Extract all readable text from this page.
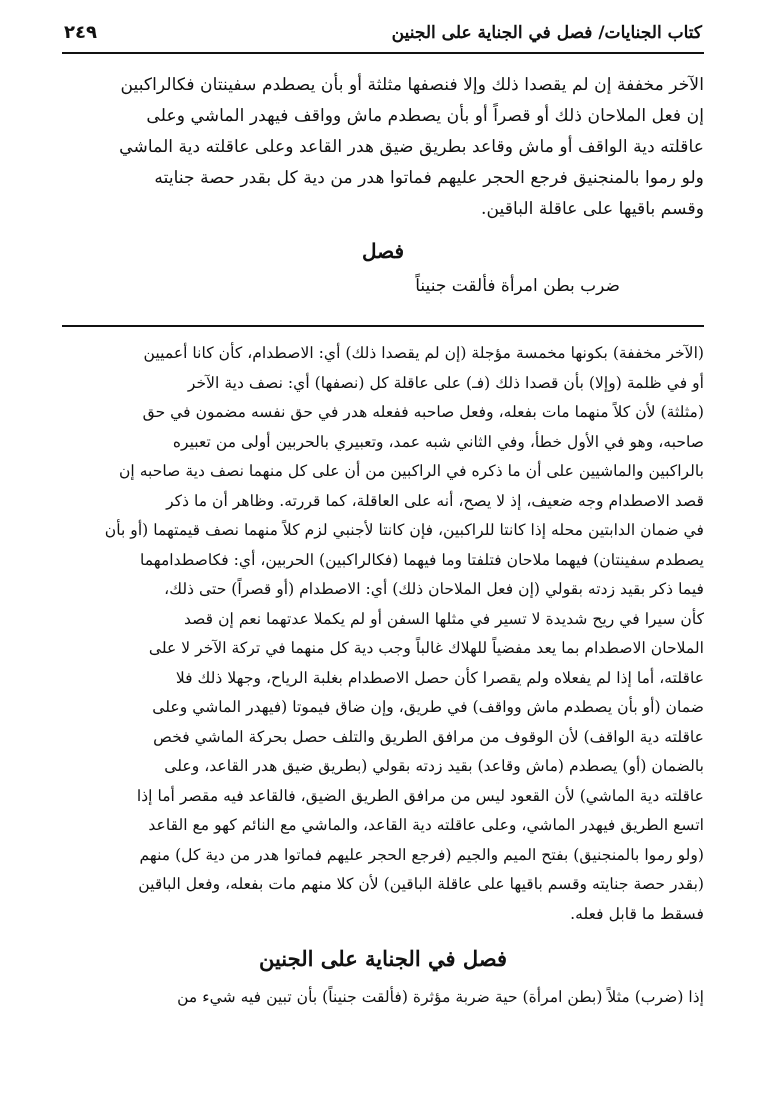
كتاب الجنايات/ فصل في الجناية على الجنين
٢٤٩
الآخر مخففة إن لم يقصدا ذلك وإلا فنصفها مثلثة أو بأن يصطدم سفينتان فكالراكبين
إن فعل الملاحان ذلك أو قصراً أو بأن يصطدم ماش وواقف فيهدر الماشي وعلى
عاقلته دية الواقف أو ماش وقاعد بطريق ضيق هدر القاعد وعلى عاقلته دية الماشي
ولو رموا بالمنجنيق فرجع الحجر عليهم فماتوا هدر من دية كل بقدر حصة جنايته
وقسم باقيها على عاقلة الباقين.
فصل
ضرب بطن امرأة فألقت جنيناً
(الآخر مخففة) بكونها مخمسة مؤجلة (إن لم يقصدا ذلك) أي: الاصطدام، كأن كانا أعميين
أو في ظلمة (وإلا) بأن قصدا ذلك (فـ) على عاقلة كل (نصفها) أي: نصف دية الآخر
(مثلثة) لأن كلاً منهما مات بفعله، وفعل صاحبه ففعله هدر في حق نفسه مضمون في حق
صاحبه، وهو في الأول خطأ، وفي الثاني شبه عمد، وتعبيري بالحربين أولى من تعبيره
بالراكبين والماشيين على أن ما ذكره في الراكبين من أن على كل منهما نصف دية صاحبه إن
قصد الاصطدام وجه ضعيف، إذ لا يصح، أنه على العاقلة، كما قررته. وظاهر أن ما ذكر
في ضمان الدابتين محله إذا كانتا للراكبين، فإن كانتا لأجنبي لزم كلاً منهما نصف قيمتهما (أو بأن
يصطدم سفينتان) فيهما ملاحان فتلفتا وما فيهما (فكالراكبين) الحربين، أي: فكاصطدامهما
فيما ذكر بقيد زدته بقولي (إن فعل الملاحان ذلك) أي: الاصطدام (أو قصراً) حتى ذلك،
كأن سيرا في ريح شديدة لا تسير في مثلها السفن أو لم يكملا عدتهما نعم إن قصد
الملاحان الاصطدام بما يعد مفضياً للهلاك غالباً وجب دية كل منهما في تركة الآخر لا على
عاقلته، أما إذا لم يفعلاه ولم يقصرا كأن حصل الاصطدام بغلبة الرياح، وجهلا ذلك فلا
ضمان (أو بأن يصطدم ماش وواقف) في طريق، وإن ضاق فيموتا (فيهدر الماشي وعلى
عاقلته دية الواقف) لأن الوقوف من مرافق الطريق والتلف حصل بحركة الماشي فخص
بالضمان (أو) يصطدم (ماش وقاعد) بقيد زدته بقولي (بطريق ضيق هدر القاعد، وعلى
عاقلته دية الماشي) لأن القعود ليس من مرافق الطريق الضيق، فالقاعد فيه مقصر أما إذا
اتسع الطريق فيهدر الماشي، وعلى عاقلته دية القاعد، والماشي مع النائم كهو مع القاعد
(ولو رموا بالمنجنيق) بفتح الميم والجيم (فرجع الحجر عليهم فماتوا هدر من دية كل) منهم
(بقدر حصة جنايته وقسم باقيها على عاقلة الباقين) لأن كلا منهم مات بفعله، وفعل الباقين
فسقط ما قابل فعله.
فصل في الجناية على الجنين
إذا (ضرب) مثلاً (بطن امرأة) حية ضربة مؤثرة (فألقت جنيناً) بأن تبين فيه شيء من
